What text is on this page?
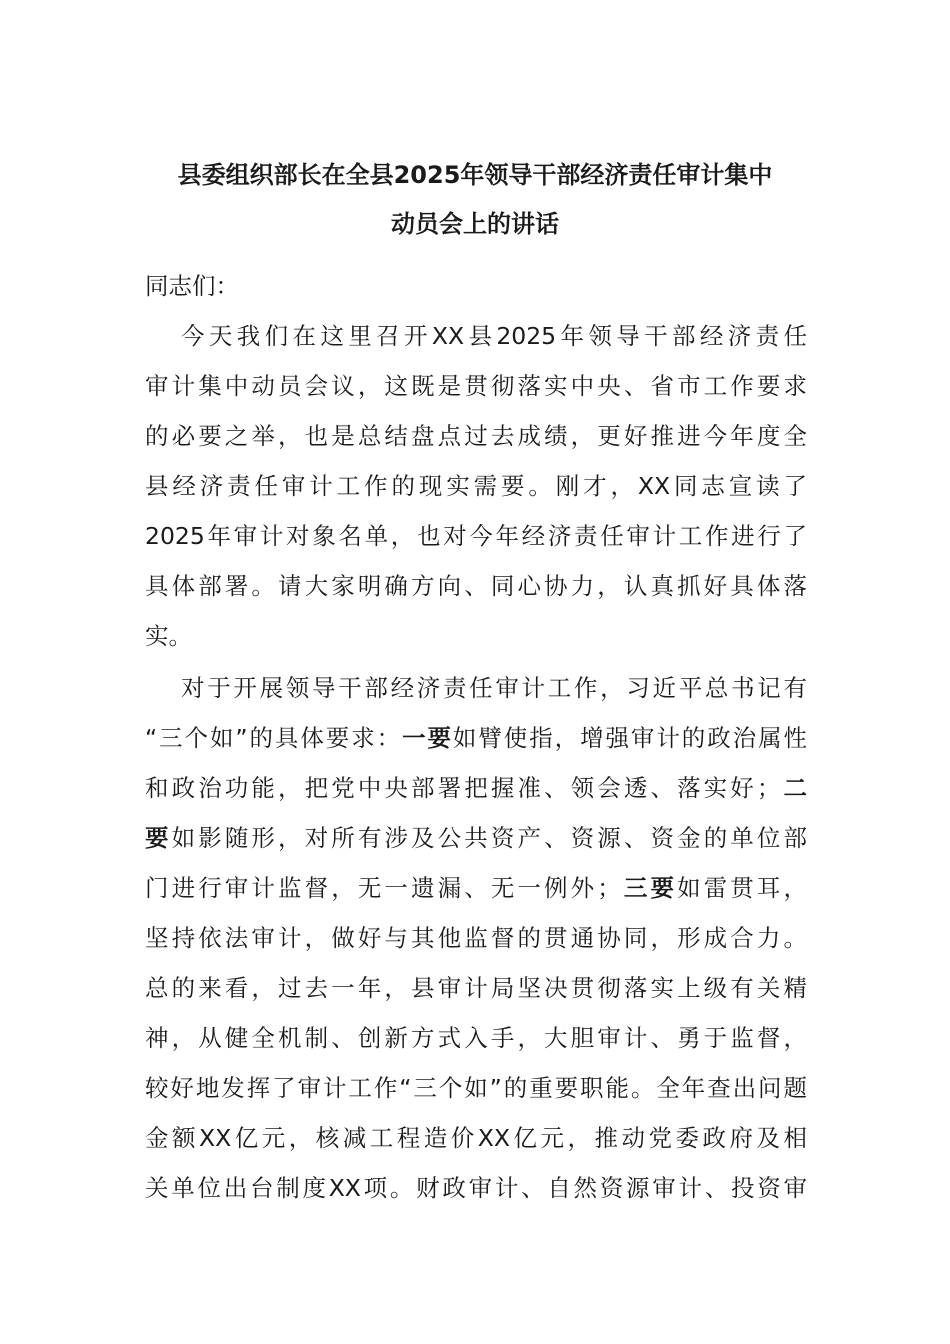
县委组织部长在全县2025年领导干部经济责任审计集中
动员会上的讲话
同志们：
今天我们在这里召开XX县2025年领导干部经济责任
审计集中动员会议，这既是贯彻落实中央、省市工作要求
的必要之举，也是总结盘点过去成绩，更好推进今年度全
县经济责任审计工作的现实需要。刚才，XX同志宣读了
2025年审计对象名单，也对今年经济责任审计工作进行了
具体部署。请大家明确方向、同心协力，认真抓好具体落
实。
对于开展领导干部经济责任审计工作，习近平总书记有
“三个如”的具体要求：一要如臂使指，增强审计的政治属性
和政治功能，把党中央部署把握准、领会透、落实好；二
要如影随形，对所有涉及公共资产、资源、资金的单位部
门进行审计监督，无一遗漏、无一例外；三要如雷贯耳，
坚持依法审计，做好与其他监督的贯通协同，形成合力。
总的来看，过去一年，县审计局坚决贯彻落实上级有关精
神，从健全机制、创新方式入手，大胆审计、勇于监督，
较好地发挥了审计工作“三个如”的重要职能。全年查出问题
金额XX亿元，核减工程造价XX亿元，推动党委政府及相
关单位出台制度XX项。财政审计、自然资源审计、投资审
